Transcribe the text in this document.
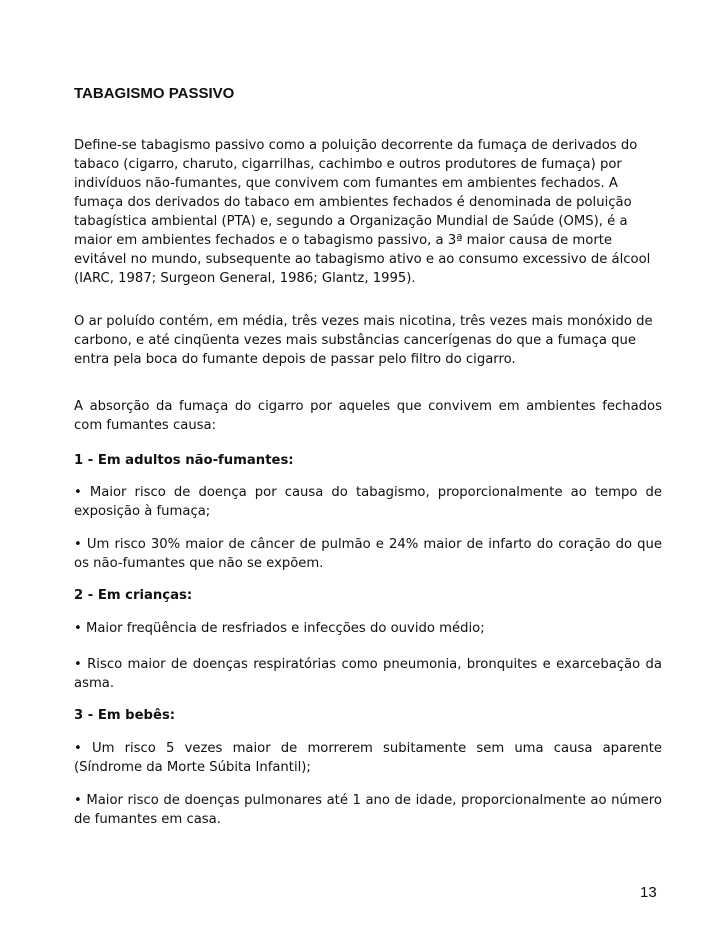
TABAGISMO PASSIVO

Define-se tabagismo passivo como a poluição decorrente da fumaça de derivados do tabaco (cigarro, charuto, cigarrilhas, cachimbo e outros produtores de fumaça) por indivíduos não-fumantes, que convivem com fumantes em ambientes fechados. A fumaça dos derivados do tabaco em ambientes fechados é denominada de poluição tabagística ambiental (PTA) e, segundo a Organização Mundial de Saúde (OMS), é a maior em ambientes fechados e o tabagismo passivo, a 3ª maior causa de morte evitável no mundo, subsequente ao tabagismo ativo e ao consumo excessivo de álcool (IARC, 1987; Surgeon General, 1986; Glantz, 1995).

O ar poluído contém, em média, três vezes mais nicotina, três vezes mais monóxido de carbono, e até cinqüenta vezes mais substâncias cancerígenas do que a fumaça que entra pela boca do fumante depois de passar pelo filtro do cigarro.

A absorção da fumaça do cigarro por aqueles que convivem em ambientes fechados com fumantes causa:

1 - Em adultos não-fumantes:

• Maior risco de doença por causa do tabagismo, proporcionalmente ao tempo de exposição à fumaça;

• Um risco 30% maior de câncer de pulmão e 24% maior de infarto do coração do que os não-fumantes que não se expõem.

2 - Em crianças:

• Maior freqüência de resfriados e infecções do ouvido médio;

• Risco maior de doenças respiratórias como pneumonia, bronquites e exarcebação da asma.

3 - Em bebês:

• Um risco 5 vezes maior de morrerem subitamente sem uma causa aparente (Síndrome da Morte Súbita Infantil);

• Maior risco de doenças pulmonares até 1 ano de idade, proporcionalmente ao número de fumantes em casa.

13
